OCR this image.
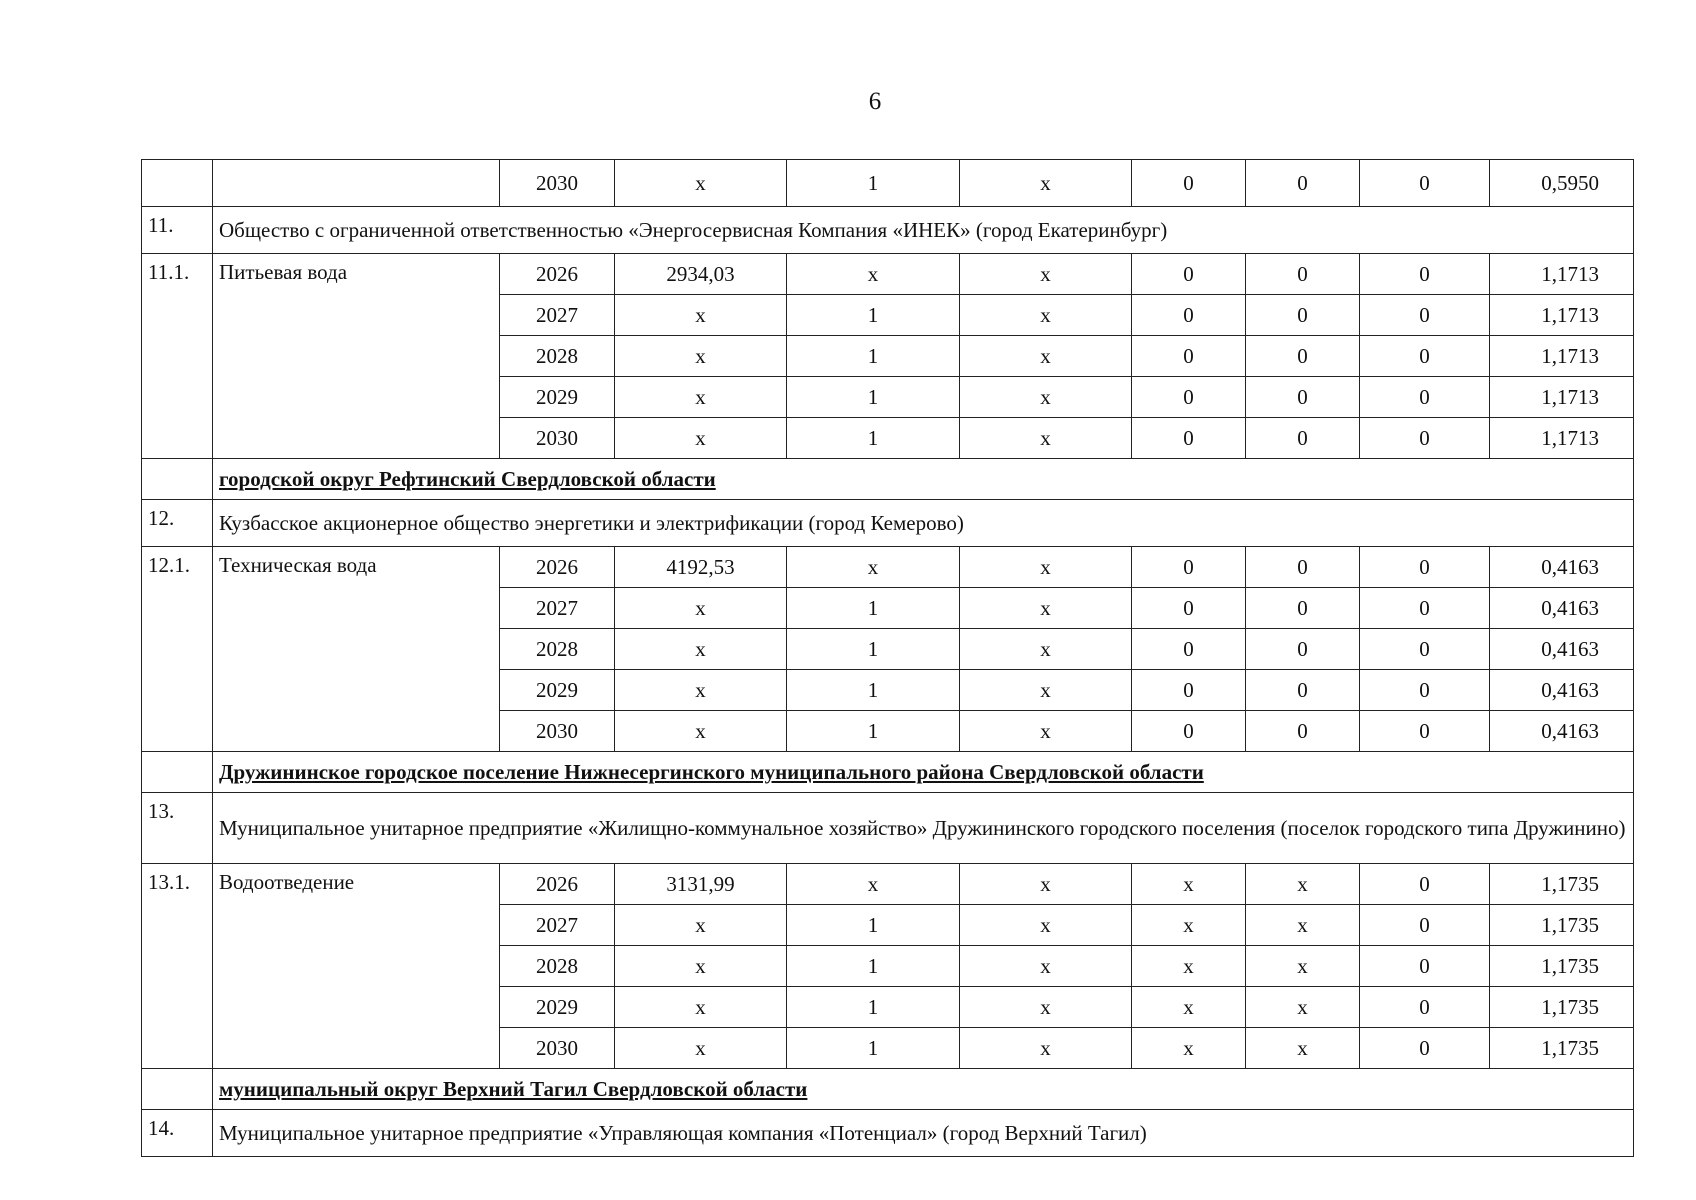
6
		2030	x	1	x	0	0	0	0,5950
11.	Общество с ограниченной ответственностью «Энергосервисная Компания «ИНЕК» (город Екатеринбург)								
11.1.	Питьевая вода	2026	2934,03	x	x	0	0	0	1,1713
		2027	x	1	x	0	0	0	1,1713
		2028	x	1	x	0	0	0	1,1713
		2029	x	1	x	0	0	0	1,1713
		2030	x	1	x	0	0	0	1,1713
	городской округ Рефтинский Свердловской области								
12.	Кузбасское акционерное общество энергетики и электрификации (город Кемерово)								
12.1.	Техническая вода	2026	4192,53	x	x	0	0	0	0,4163
		2027	x	1	x	0	0	0	0,4163
		2028	x	1	x	0	0	0	0,4163
		2029	x	1	x	0	0	0	0,4163
		2030	x	1	x	0	0	0	0,4163
	Дружининское городское поселение Нижнесергинского муниципального района Свердловской области								
13.	Муниципальное унитарное предприятие «Жилищно-коммунальное хозяйство» Дружининского городского поселения (поселок городского типа Дружинино)								
13.1.	Водоотведение	2026	3131,99	x	x	x	x	0	1,1735
		2027	x	1	x	x	x	0	1,1735
		2028	x	1	x	x	x	0	1,1735
		2029	x	1	x	x	x	0	1,1735
		2030	x	1	x	x	x	0	1,1735
	муниципальный округ Верхний Тагил Свердловской области								
14.	Муниципальное унитарное предприятие «Управляющая компания «Потенциал» (город Верхний Тагил)								
